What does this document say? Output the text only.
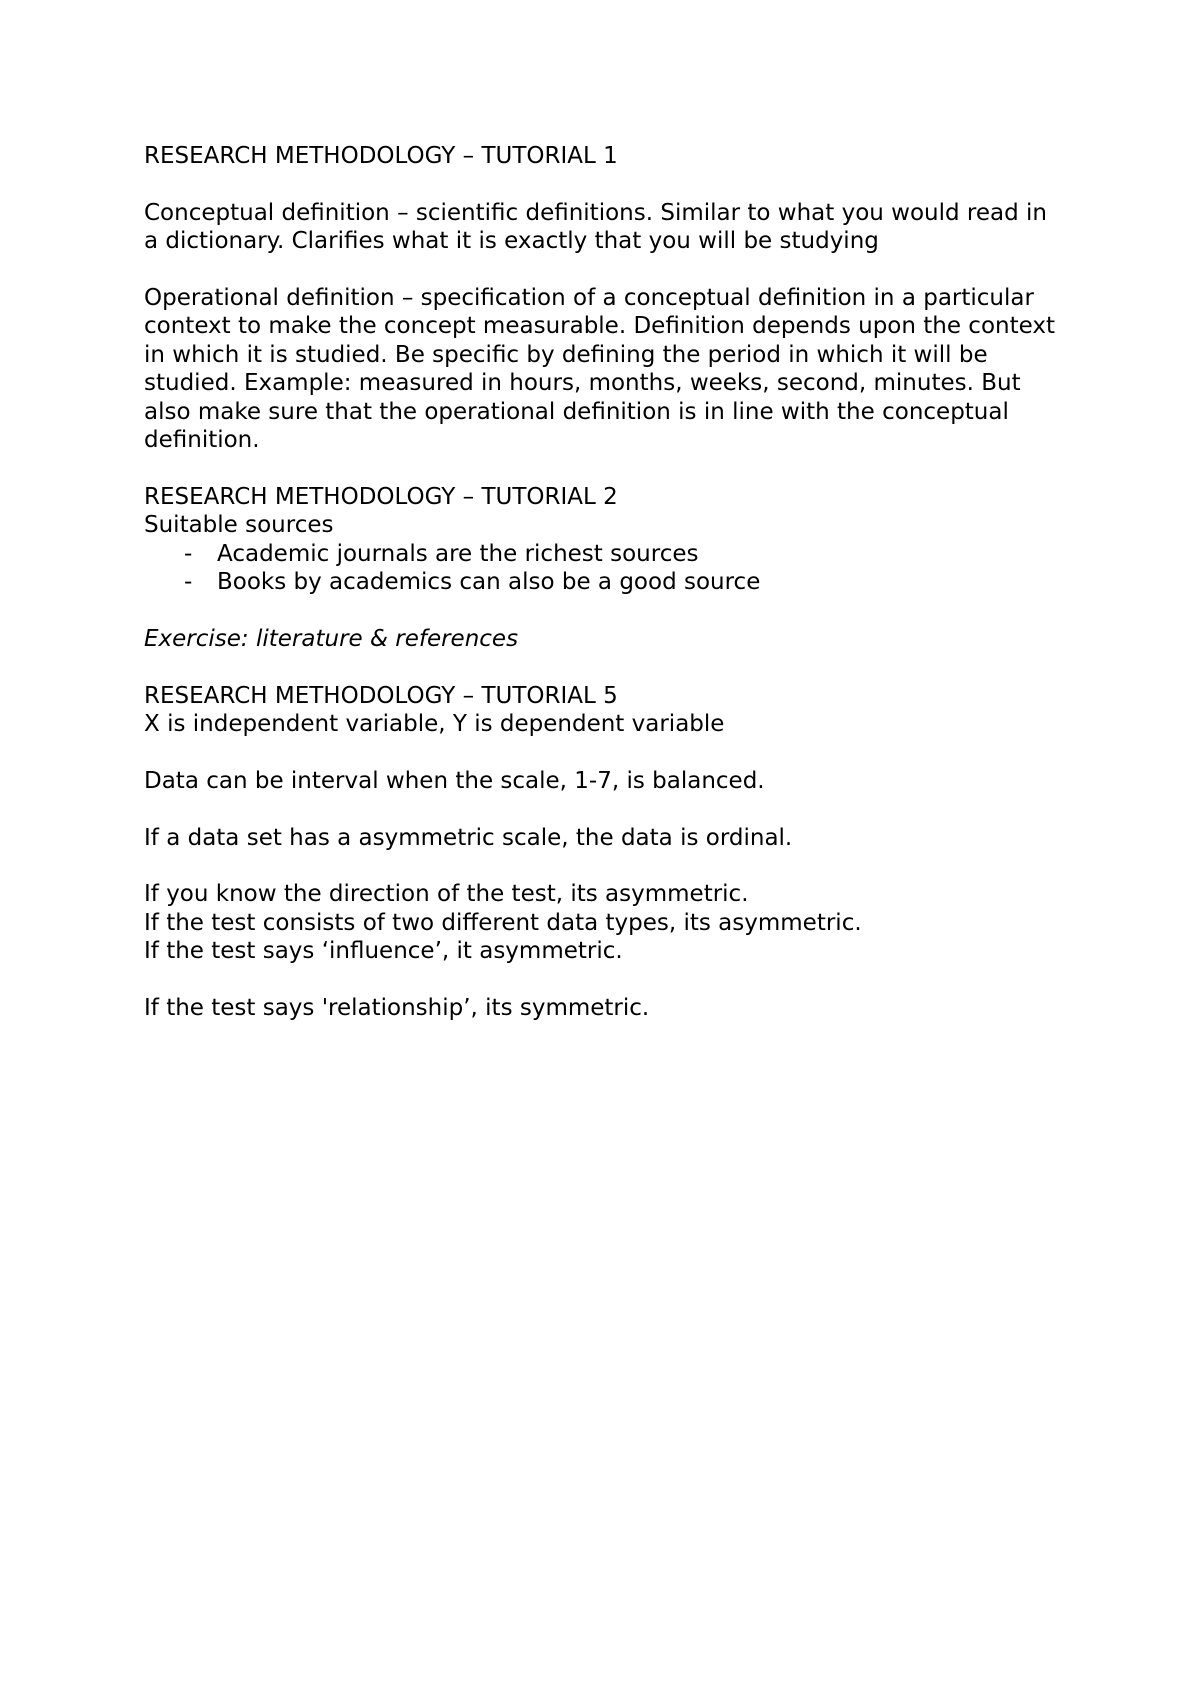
RESEARCH METHODOLOGY – TUTORIAL 1

Conceptual definition – scientific definitions. Similar to what you would read in a dictionary. Clarifies what it is exactly that you will be studying

Operational definition – specification of a conceptual definition in a particular context to make the concept measurable. Definition depends upon the context in which it is studied. Be specific by defining the period in which it will be studied. Example: measured in hours, months, weeks, second, minutes. But also make sure that the operational definition is in line with the conceptual definition.

RESEARCH METHODOLOGY – TUTORIAL 2

Suitable sources

- Academic journals are the richest sources
- Books by academics can also be a good source

Exercise: literature & references

RESEARCH METHODOLOGY – TUTORIAL 5

X is independent variable, Y is dependent variable

Data can be interval when the scale, 1-7, is balanced.

If a data set has a asymmetric scale, the data is ordinal.

If you know the direction of the test, its asymmetric.

If the test consists of two different data types, its asymmetric.

If the test says ‘influence’, it asymmetric.

If the test says 'relationship’, its symmetric.
